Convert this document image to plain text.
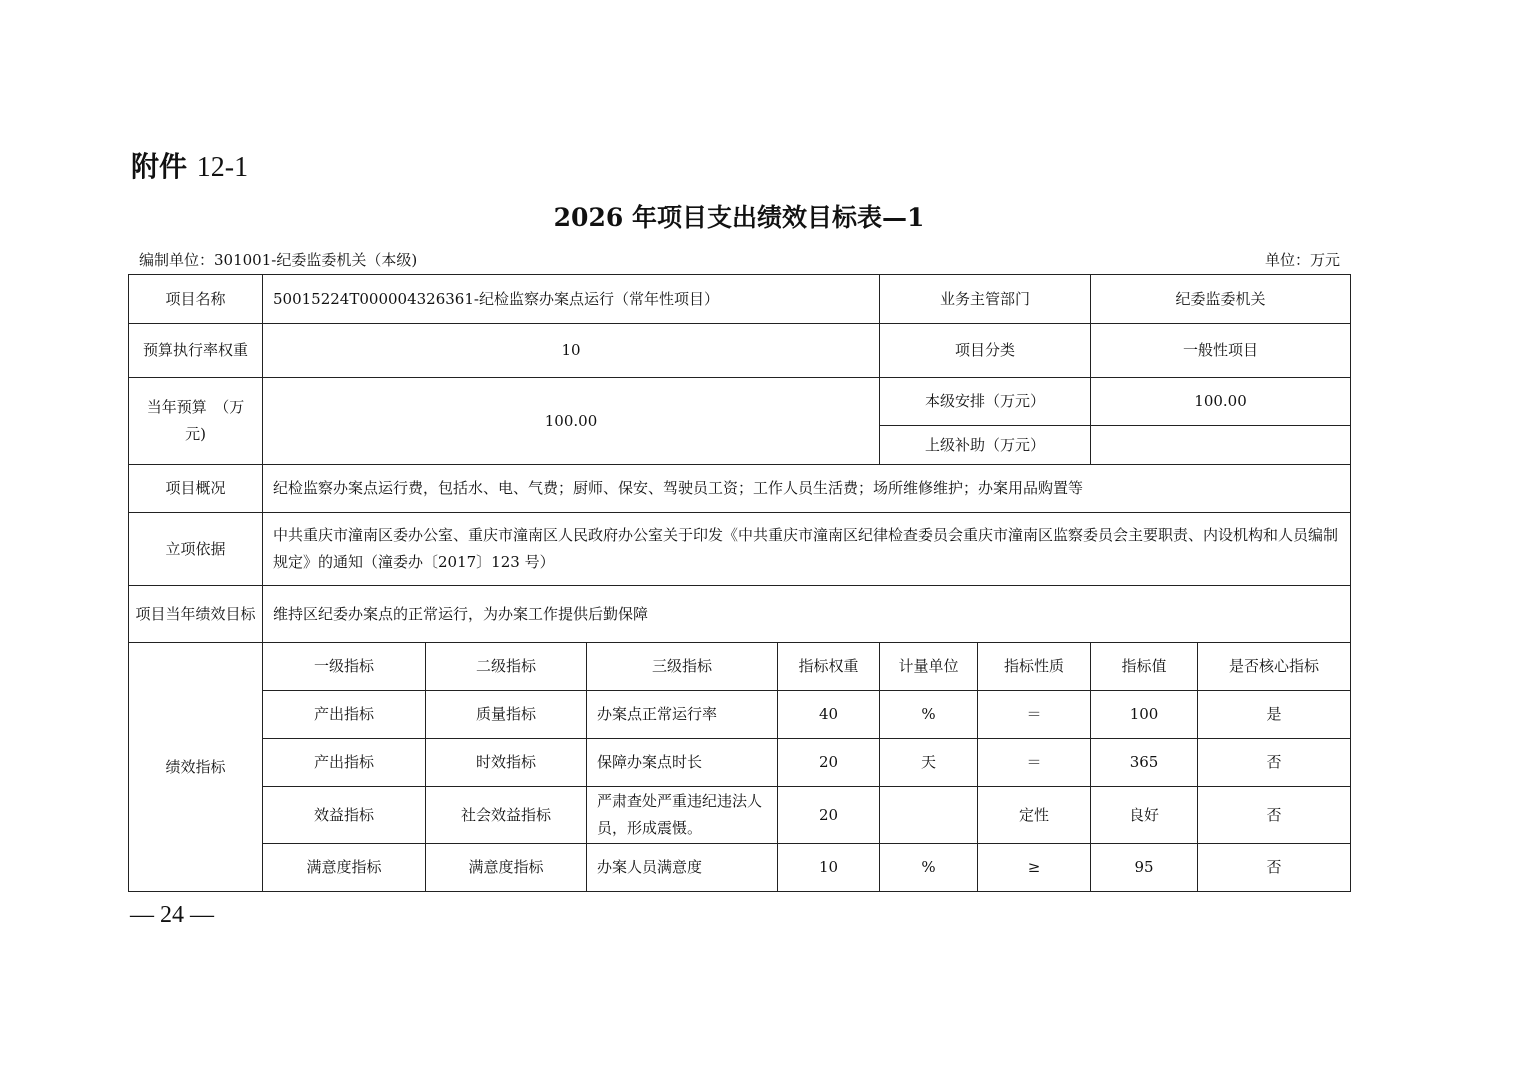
附件 12-1
2026 年项目支出绩效目标表—1
编制单位：301001-纪委监委机关（本级)	单位：万元
项目名称	50015224T000004326361-纪检监察办案点运行（常年性项目）				业务主管部门		纪委监委机关	
预算执行率权重	10				项目分类		一般性项目	

当年预算　（万
元)	100.00				本级安排（万元）		100.00	
					上级补助（万元）			
项目概况	纪检监察办案点运行费，包括水、电、气费；厨师、保安、驾驶员工资；工作人员生活费；场所维修维护；办案用品购置等							
立项依据	中共重庆市潼南区委办公室、重庆市潼南区人民政府办公室关于印发《中共重庆市潼南区纪律检查委员会重庆市潼南区监察委员会主要职责、内设机构和人员编制规定》的通知（潼委办〔2017〕123 号）							
项目当年绩效目标	维持区纪委办案点的正常运行，为办案工作提供后勤保障							
绩效指标	一级指标	二级指标	三级指标	指标权重	计量单位	指标性质	指标值	是否核心指标
	产出指标	质量指标	办案点正常运行率	40	%	＝	100	是
	产出指标	时效指标	保障办案点时长	20	天	＝	365	否
	效益指标	社会效益指标	严肃查处严重违纪违法人员，形成震慑。	20		定性	良好	否
	满意度指标	满意度指标	办案人员满意度	10	%	≥	95	否
— 24 —
